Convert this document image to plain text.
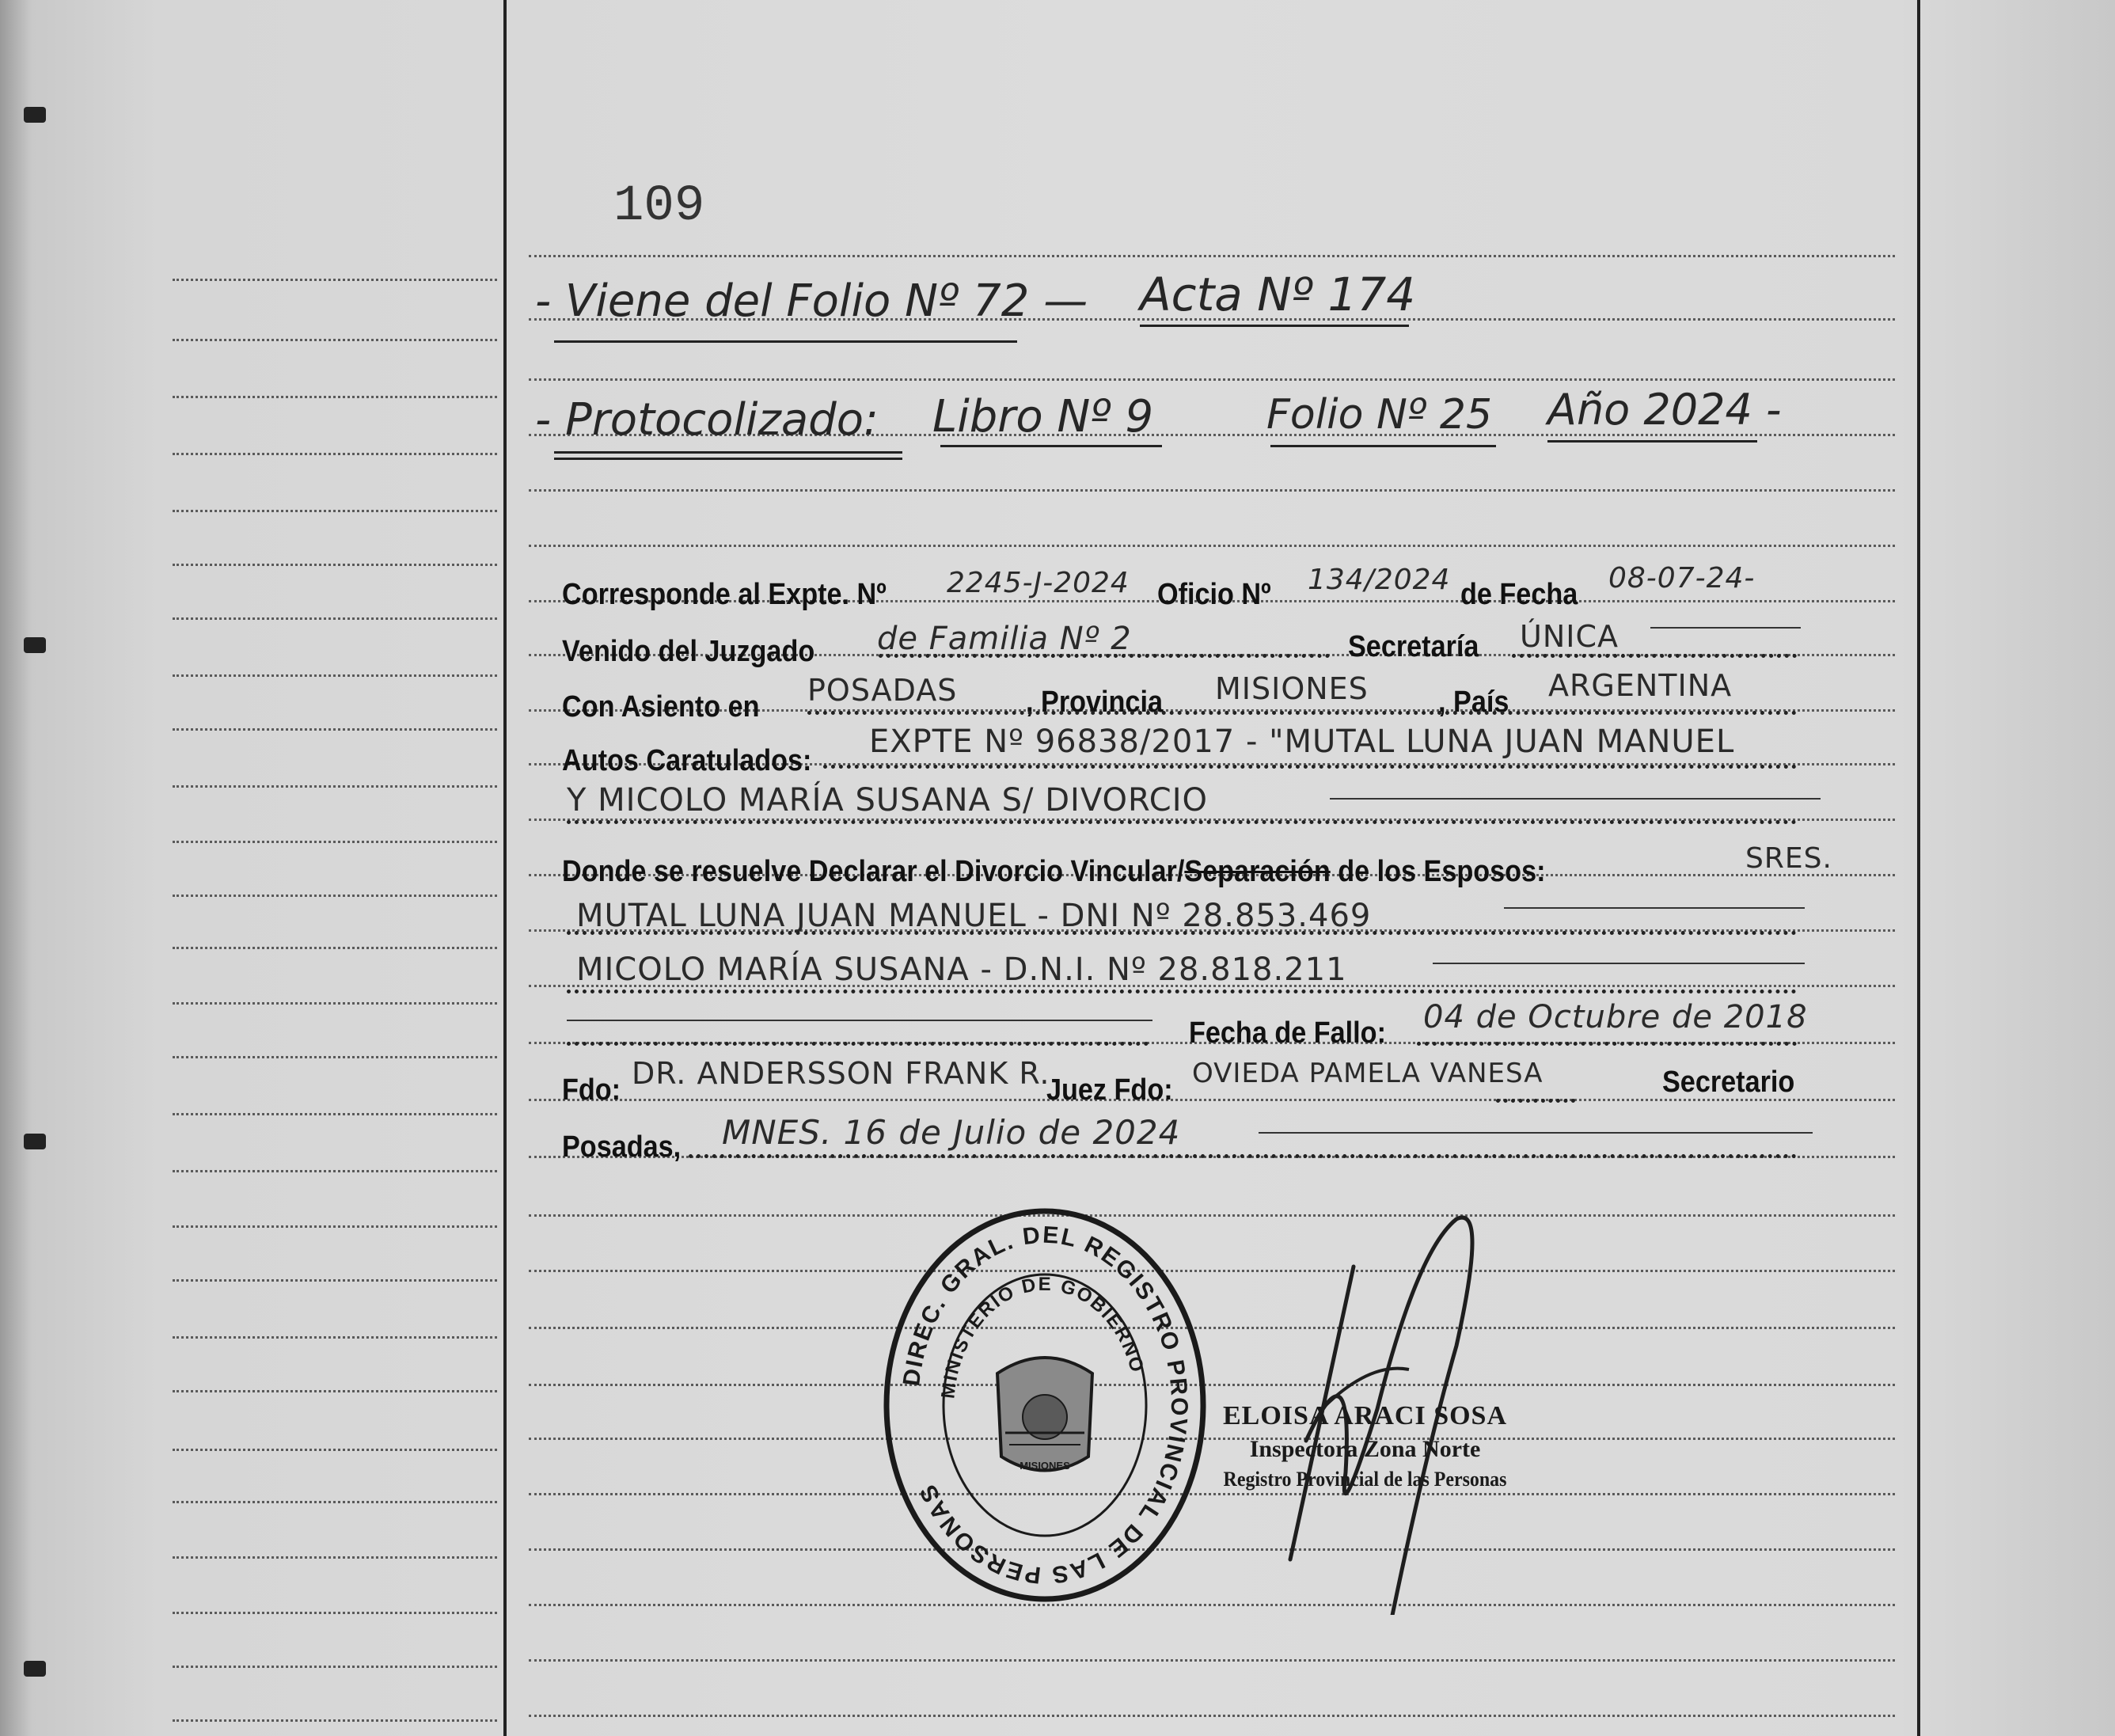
109
- Viene del Folio Nº 72 — Acta Nº 174
- Protocolizado: Libro Nº 9	Folio Nº 25 Año 2024 -
Corresponde al Expte. Nº 2245-J-2024 Oficio Nº 134/2024 de Fecha 08-07-24-
Venido del Juzgado de Familia Nº 2	Secretaría ÚNICA
Con Asiento en POSADAS , Provincia MISIONES , País ARGENTINA
Autos Caratulados:
EXPTE Nº 96838/2017 - "MUTAL LUNA JUAN MANUEL
Y MICOLO MARÍA SUSANA S/ DIVORCIO
Donde se resuelve Declarar el Divorcio Vincular/Separación de los Esposos:	SRES.
MUTAL LUNA JUAN MANUEL - DNI Nº 28.853.469
MICOLO MARÍA SUSANA - D.N.I. Nº 28.818.211
Fecha de Fallo: 04 de Octubre de 2018
Fdo: DR. ANDERSSON FRANK R.
Juez Fdo: OVIEDA PAMELA VANESA	Secretario
Posadas, MNES. 16 de Julio de 2024
DIREC. GRAL. DEL REGISTRO PROVINCIAL DE LAS PERSONAS
MINISTERIO DE GOBIERNO
MISIONES
ELOISA ARACI SOSA
Inspectora Zona Norte
Registro Provincial de las Personas
